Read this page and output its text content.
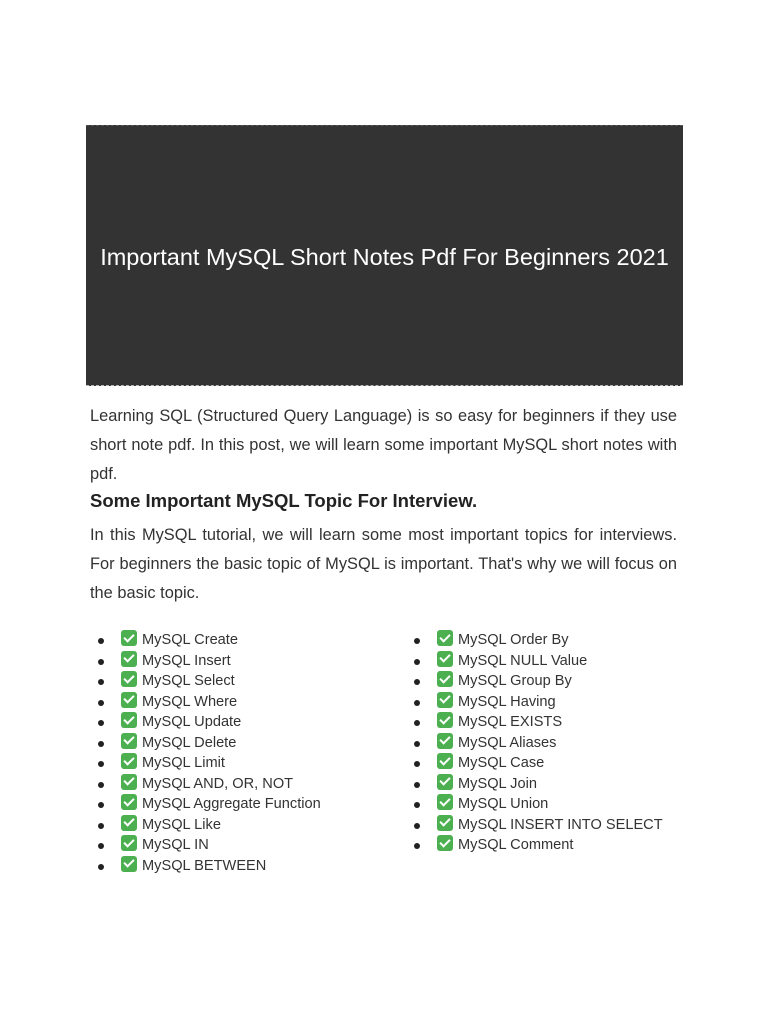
Important MySQL Short Notes Pdf For Beginners 2021

Learning SQL (Structured Query Language) is so easy for beginners if they use short note pdf. In this post, we will learn some important MySQL short notes with pdf.

Some Important MySQL Topic For Interview.

In this MySQL tutorial, we will learn some most important topics for interviews. For beginners the basic topic of MySQL is important. That's why we will focus on the basic topic.

MySQL Create
MySQL Insert
MySQL Select
MySQL Where
MySQL Update
MySQL Delete
MySQL Limit
MySQL AND, OR, NOT
MySQL Aggregate Function
MySQL Like
MySQL IN
MySQL BETWEEN
MySQL Order By
MySQL NULL Value
MySQL Group By
MySQL Having
MySQL EXISTS
MySQL Aliases
MySQL Case
MySQL Join
MySQL Union
MySQL INSERT INTO SELECT
MySQL Comment
